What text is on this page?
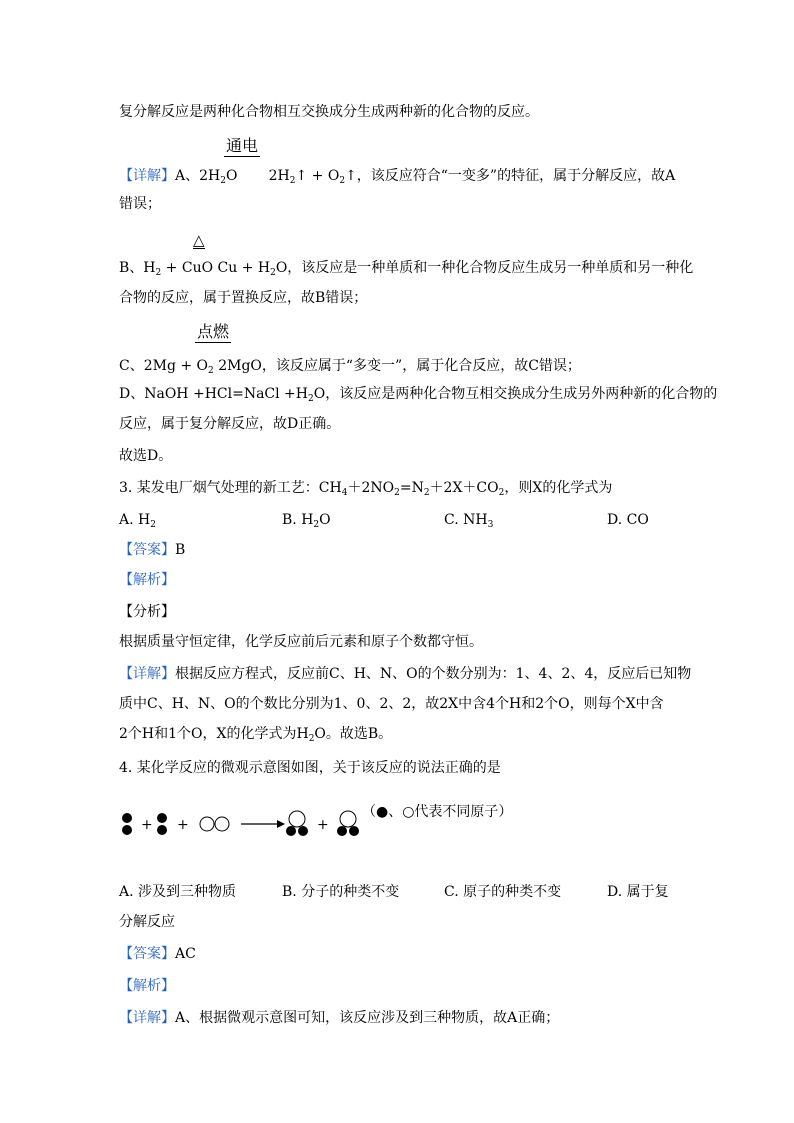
复分解反应是两种化合物相互交换成分生成两种新的化合物的反应。
通电
【详解】A、$2H_2O$ $2H_2↑$ + $O_2↑$，该反应符合“一变多”的特征，属于分解反应，故A
错误；
△
B、$H_2$ + CuO $Cu + H_2O$，该反应是一种单质和一种化合物反应生成另一种单质和另一种化
合物的反应，属于置换反应，故B错误；
点燃
C、$2Mg + O_2$ 2MgO，该反应属于“多变一”，属于化合反应，故C错误；
D、NaOH +HCl=NaCl $+H_2O$，该反应是两种化合物互相交换成分生成另外两种新的化合物的
反应，属于复分解反应，故D正确。
故选D。
3. 某发电厂烟气处理的新工艺：$CH_4+2NO_2=N_2+2X+CO_2$，则X的化学式为
A. $H_2$	B. $H_2O$	C. $NH_3$	D. CO
【答案】B
【解析】
【分析】
根据质量守恒定律，化学反应前后元素和原子个数都守恒。
【详解】根据反应方程式，反应前C、H、N、O的个数分别为：1、4、2、4，反应后已知物
质中C、H、N、O的个数比分别为1、0、2、2，故2X中含4个H和2个O，则每个X中含
2个H和1个O，X的化学式为$H_2O$。故选B。
4. 某化学反应的微观示意图如图，关于该反应的说法正确的是
+ +	+
（●、○代表不同原子）
A. 涉及到三种物质	B. 分子的种类不变	C. 原子的种类不变	D. 属于复
分解反应
【答案】AC
【解析】
【详解】A、根据微观示意图可知，该反应涉及到三种物质，故A正确；
